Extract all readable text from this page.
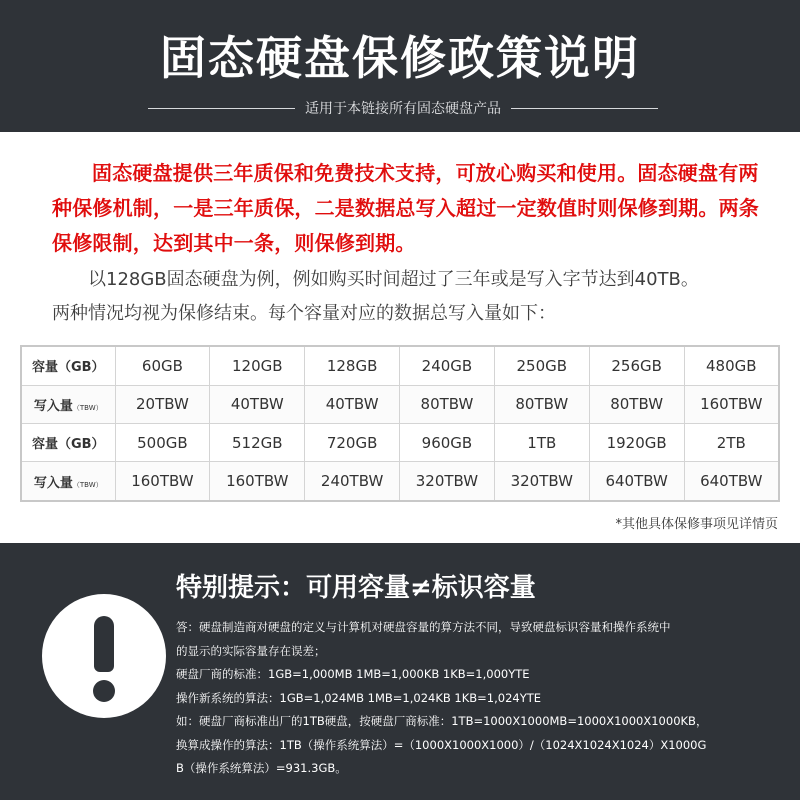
固态硬盘保修政策说明
适用于本链接所有固态硬盘产品
固态硬盘提供三年质保和免费技术支持，可放心购买和使用。固态硬盘有两种保修机制，一是三年质保，二是数据总写入超过一定数值时则保修到期。两条保修限制，达到其中一条，则保修到期。
以128GB固态硬盘为例，例如购买时间超过了三年或是写入字节达到40TB。
两种情况均视为保修结束。每个容量对应的数据总写入量如下：
容量（GB）	60GB	120GB	128GB	240GB	250GB	256GB	480GB
写入量（TBW）	20TBW	40TBW	40TBW	80TBW	80TBW	80TBW	160TBW
容量（GB）	500GB	512GB	720GB	960GB	1TB	1920GB	2TB
写入量（TBW）	160TBW	160TBW	240TBW	320TBW	320TBW	640TBW	640TBW
*其他具体保修事项见详情页
特别提示：可用容量≠标识容量
答：硬盘制造商对硬盘的定义与计算机对硬盘容量的算方法不同，导致硬盘标识容量和操作系统中
的显示的实际容量存在误差；
硬盘厂商的标准：1GB=1,000MB 1MB=1,000KB 1KB=1,000YTE
操作新系统的算法：1GB=1,024MB 1MB=1,024KB 1KB=1,024YTE
如：硬盘厂商标准出厂的1TB硬盘，按硬盘厂商标准：1TB=1000X1000MB=1000X1000X1000KB，
换算成操作的算法：1TB（操作系统算法）=（1000X1000X1000）/（1024X1024X1024）X1000G
B（操作系统算法）=931.3GB。
